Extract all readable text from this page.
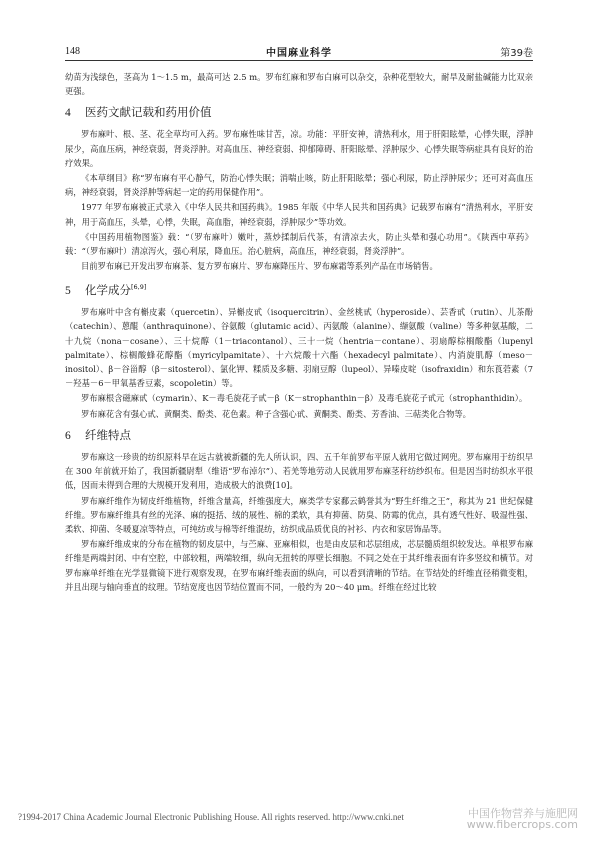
148	中国麻业科学	第39卷

幼苗为浅绿色，茎高为 1～1.5 m，最高可达 2.5 m。罗布红麻和罗布白麻可以杂交，杂种花型较大，耐旱及耐盐碱能力比双亲更强。

4 医药文献记载和药用价值

罗布麻叶、根、茎、花全草均可入药。罗布麻性味甘苦，凉。功能：平肝安神，清热利水，用于肝阳眩晕，心悸失眠，浮肿尿少，高血压病，神经衰弱，肾炎浮肿。对高血压、神经衰弱、抑郁障碍、肝阳眩晕、浮肿尿少、心悸失眠等病症具有良好的治疗效果。

《本草纲目》称“罗布麻有平心静气，防治心悸失眠；消喘止咳，防止肝阳眩晕；强心利尿，防止浮肿尿少；还可对高血压病，神经衰弱，肾炎浮肿等病起一定的药用保健作用”。

1977 年罗布麻被正式录入《中华人民共和国药典》。1985 年版《中华人民共和国药典》记载罗布麻有“清热利水，平肝安神，用于高血压，头晕，心悸，失眠，高血脂，神经衰弱，浮肿尿少”等功效。

《中国药用植物图鉴》载：“（罗布麻叶）嫩叶，蒸炒揉制后代茶，有清凉去火，防止头晕和强心功用”。《陕西中草药》载：“（罗布麻叶）清凉泻火，强心利尿，降血压。治心脏病，高血压，神经衰弱，肾炎浮肿”。

目前罗布麻已开发出罗布麻茶、复方罗布麻片、罗布麻降压片、罗布麻霜等系列产品在市场销售。

5 化学成分[6,9]

罗布麻叶中含有槲皮素（quercetin）、异槲皮甙（isoquercitrin）、金丝桃甙（hyperoside）、芸香甙（rutin）、儿茶酚（catechin）、蒽醌（anthraquinone）、谷氨酸（glutamic acid）、丙氨酸（alanine）、缬氨酸（valine）等多种氨基酸，二十九烷（nona－cosane）、三十烷醇（1－triacontanol）、三十一烷（hentria－contane）、羽扇醇棕榈酸酯（lupenyl palmitate）、棕榈酸蜂花醇酯（myricylpamitate）、十六烷酸十六酯（hexadecyl palmitate）、内消旋肌醇（meso－inositol）、β－谷甾醇（β－sitosterol）、氯化钾、糅质及多糖、羽扇豆醇（lupeol）、异嗪皮啶（isofraxidin）和东莨菪素（7－羟基－6－甲氧基香豆素，scopoletin）等。

罗布麻根含磁麻甙（cymarin）、K－毒毛旋花子甙－β（K－strophanthin－β）及毒毛旋花子甙元（strophanthidin）。

罗布麻花含有强心甙、黄酮类、酚类、花色素。种子含强心甙、黄酮类、酚类、芳香油、三萜类化合物等。

6 纤维特点

罗布麻这一珍贵的纺织原料早在远古就被新疆的先人所认识，四、五千年前罗布平原人就用它做过网兜。罗布麻用于纺织早在 300 年前就开始了，我国新疆尉犁（维语“罗布淖尔”）、若羌等地劳动人民就用罗布麻茎秆纺纱织布。但是因当时纺织水平很低，因而未得到合理的大规模开发利用，造成极大的浪费[10]。

罗布麻纤维作为韧皮纤维植物，纤维含量高，纤维强度大，麻类学专家鄱云鹤誉其为“野生纤维之王”，称其为 21 世纪保健纤维。罗布麻纤维具有丝的光泽、麻的挺括、绒的展性、棉的柔软，具有抑菌、防臭、防霉的优点，具有透气性好、吸湿性强、柔软、抑菌、冬暖夏凉等特点，可纯纺或与棉等纤维混纺，纺织成品质优良的衬衫、内衣和家居饰品等。

罗布麻纤维成束的分布在植物的韧皮层中，与苎麻、亚麻相似，也是由皮层和芯层组成，芯层髓质组织较发达。单根罗布麻纤维是两端封闭、中有空腔，中部较粗，两端较细，纵向无扭转的厚壁长细胞。不同之处在于其纤维表面有许多竖纹和横节。对罗布麻单纤维在光学显微镜下进行观察发现，在罗布麻纤维表面的纵向，可以看到清晰的节结。在节结处的纤维直径稍微变粗，并且出现与轴向垂直的纹理。节结宽度也因节结位置而不同，一般约为 20～40 μm。纤维在经过比较

?1994-2017 China Academic Journal Electronic Publishing House. All rights reserved. http://www.cnki.net	中国作物营养与施肥网
www.fibercrops.com
